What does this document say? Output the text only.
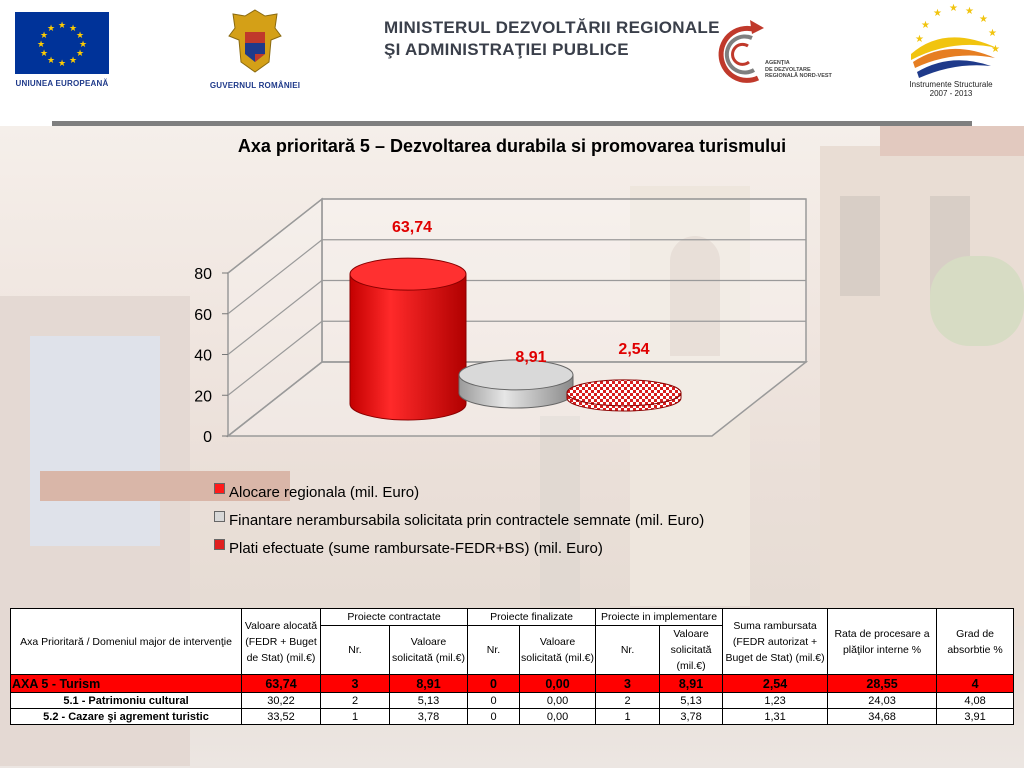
★ ★
★
★
★
★
★
★
★
★
★
★
UNIUNEA EUROPEANĂ	GUVERNUL ROMÂNIEI
MINISTERUL DEZVOLTĂRII REGIONALE
ŞI ADMINISTRAŢIEI PUBLICE
AGENŢIA
DE DEZVOLTARE
REGIONALĂ NORD-VEST
★
★
★ ★ ★
★
★
★
Instrumente Structurale
2007 - 2013
Axa prioritară 5 – Dezvoltarea durabila si promovarea turismului
0
20
40
60
80
63,74
8,91	2,54
Alocare regionala (mil. Euro)
Finantare nerambursabila solicitata prin contractele semnate (mil. Euro)
Plati efectuate (sume rambursate-FEDR+BS) (mil. Euro)
Axa Prioritară / Domeniul major de intervenţie	Valoare alocată (FEDR + Buget de Stat) (mil.€)	Proiecte contractate		Proiecte finalizate		Proiecte in implementare		Suma rambursata (FEDR autorizat + Buget de Stat) (mil.€)	Rata de procesare a plăţilor interne %	Grad de absorbtie %
		Nr.	Valoare solicitată (mil.€)	Nr.	Valoare solicitată (mil.€)	Nr.	Valoare solicitată (mil.€)			
AXA 5 - Turism	63,74	3	8,91	0	0,00	3	8,91	2,54	28,55	4
5.1 - Patrimoniu cultural	30,22	2	5,13	0	0,00	2	5,13	1,23	24,03	4,08
5.2 - Cazare şi agrement turistic	33,52	1	3,78	0	0,00	1	3,78	1,31	34,68	3,91
